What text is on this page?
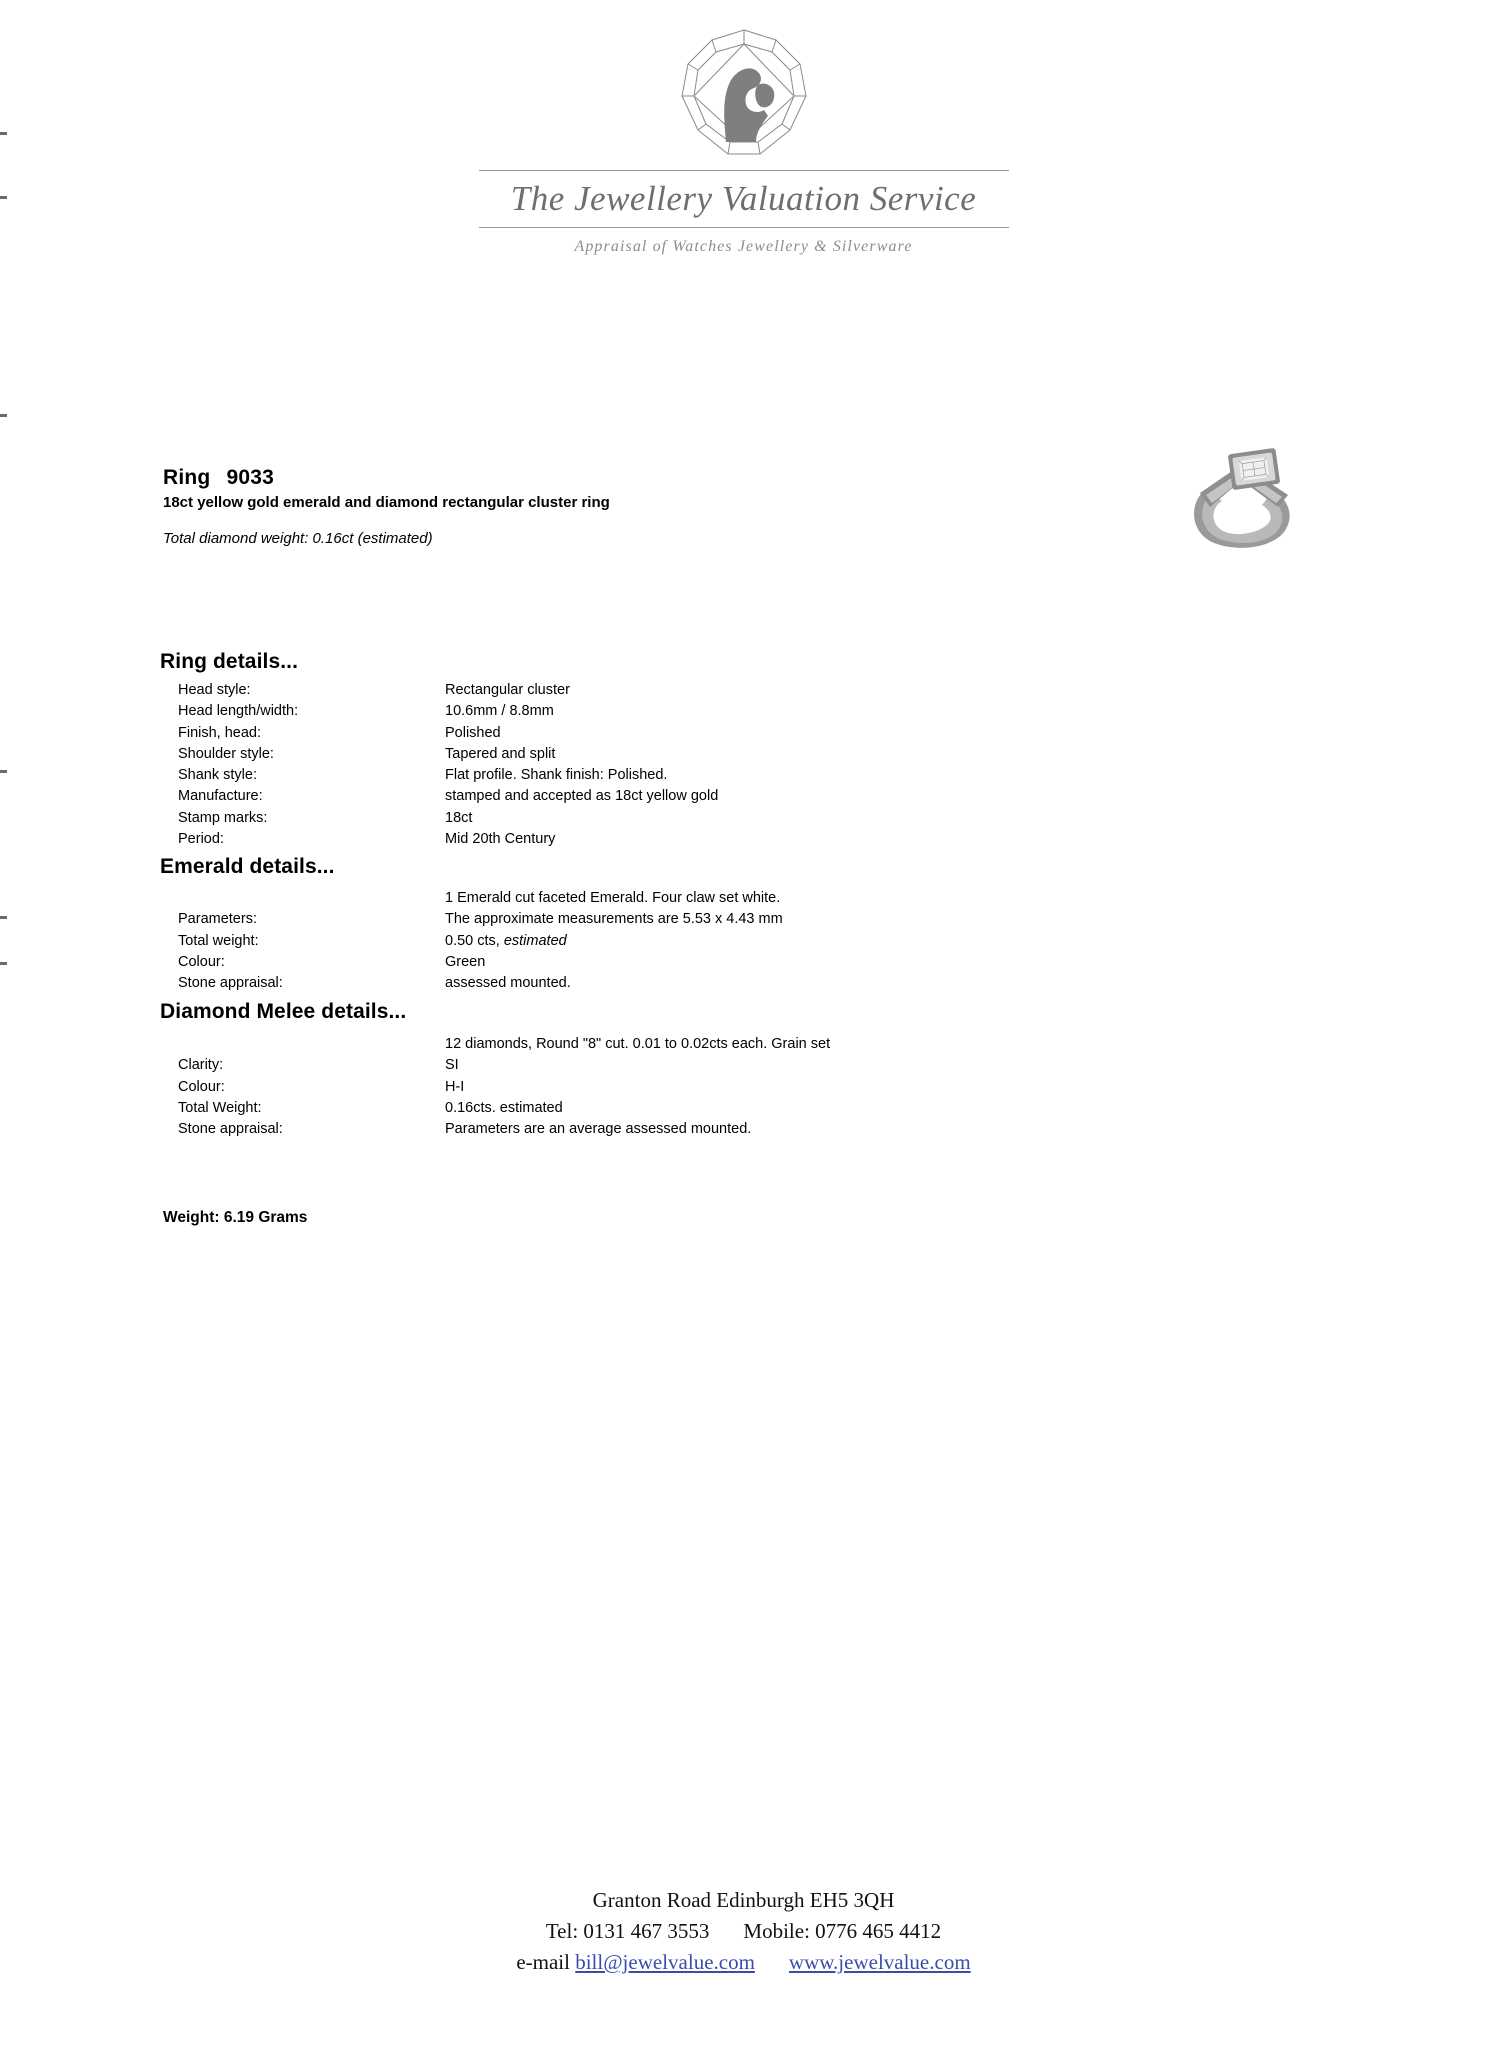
The Jewellery Valuation Service
Appraisal of Watches Jewellery & Silverware
Ring 9033
18ct yellow gold emerald and diamond rectangular cluster ring
Total diamond weight: 0.16ct (estimated)
Ring details...
Head style:	Rectangular cluster
Head length/width:	10.6mm / 8.8mm
Finish, head:	Polished
Shoulder style:	Tapered and split
Shank style:	Flat profile. Shank finish: Polished.
Manufacture:	stamped and accepted as 18ct yellow gold
Stamp marks:	18ct
Period:	Mid 20th Century
Emerald details...
1 Emerald cut faceted Emerald. Four claw set white.
Parameters:	The approximate measurements are 5.53 x 4.43 mm
Total weight:	0.50 cts, estimated
Colour:	Green
Stone appraisal:	assessed mounted.
Diamond Melee details...
12 diamonds, Round "8" cut. 0.01 to 0.02cts each. Grain set
Clarity:	SI
Colour:	H-I
Total Weight:	0.16cts. estimated
Stone appraisal:	Parameters are an average assessed mounted.
Weight: 6.19 Grams
Granton Road Edinburgh EH5 3QH
Tel: 0131 467 3553 Mobile: 0776 465 4412
e-mail bill@jewelvalue.com www.jewelvalue.com
